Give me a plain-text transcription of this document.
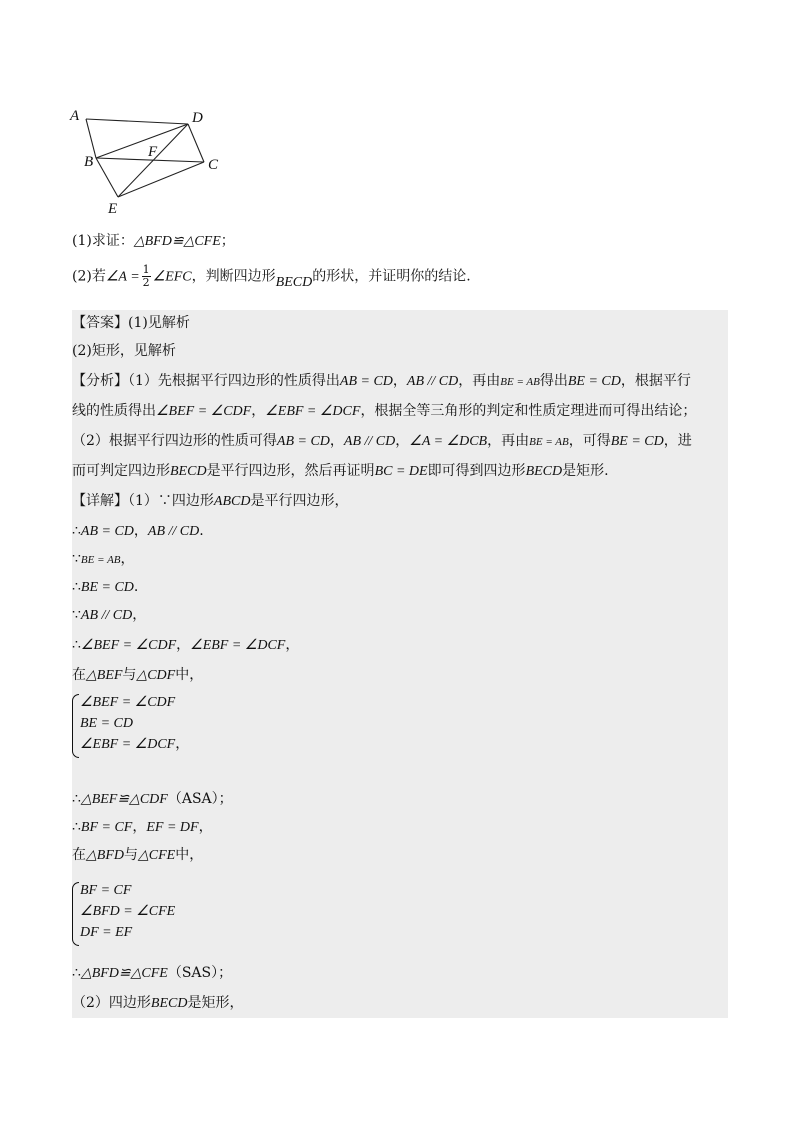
A	D
B
F
C
E
(1)求证：△BFD≌△CFE；
(2)若∠A = $\frac{1}{2}$ ∠EFC，判断四边形BECD的形状，并证明你的结论.
【答案】(1)见解析
(2)矩形，见解析
【分析】（1）先根据平行四边形的性质得出AB = CD，AB // CD，再由BE = AB得出BE = CD，根据平行
线的性质得出∠BEF = ∠CDF，∠EBF = ∠DCF，根据全等三角形的判定和性质定理进而可得出结论；
（2）根据平行四边形的性质可得AB = CD，AB // CD，∠A = ∠DCB，再由BE = AB，可得BE = CD，进
而可判定四边形BECD是平行四边形，然后再证明BC = DE即可得到四边形BECD是矩形.
【详解】（1）∵四边形ABCD是平行四边形，
∴AB = CD，AB // CD.
∵BE = AB，
∴BE = CD.
∵AB // CD，
∴∠BEF = ∠CDF，∠EBF = ∠DCF，
在△BEF与△CDF中，
∠BEF = ∠CDF
BE = CD
∠EBF = ∠DCF，
∴△BEF≌△CDF（ASA）；
∴BF = CF，EF = DF，
在△BFD与△CFE中，
BF = CF
∠BFD = ∠CFE
DF = EF
∴△BFD≌△CFE（SAS）；
（2）四边形BECD是矩形，
